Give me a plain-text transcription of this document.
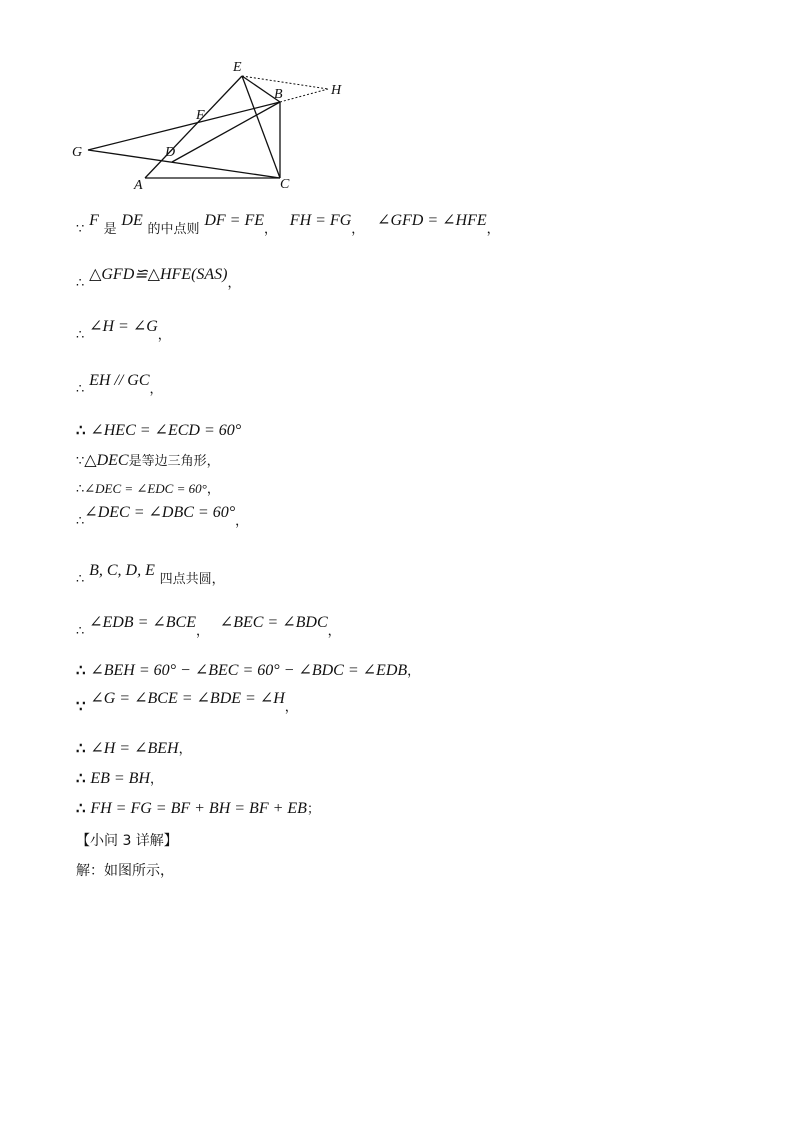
E
B	H
F
G	D
A	C
∵ F 是 DE 的中点则 DF = FE， FH = FG， ∠GFD = ∠HFE，
∴ △GFD≌△HFE(SAS)，
∴ ∠H = ∠G，
∴ EH // GC，
∴ ∠HEC = ∠ECD = 60°
∵△DEC是等边三角形，
∴∠DEC = ∠EDC = 60°，
∴∠DEC = ∠DBC = 60°，
∴ B, C, D, E 四点共圆，
∴ ∠EDB = ∠BCE， ∠BEC = ∠BDC，
∴ ∠BEH = 60° − ∠BEC = 60° − ∠BDC = ∠EDB，
∵ ∠G = ∠BCE = ∠BDE = ∠H，
∴ ∠H = ∠BEH，
∴ EB = BH，
∴ FH = FG = BF + BH = BF + EB；
【小问 3 详解】
解：如图所示，
